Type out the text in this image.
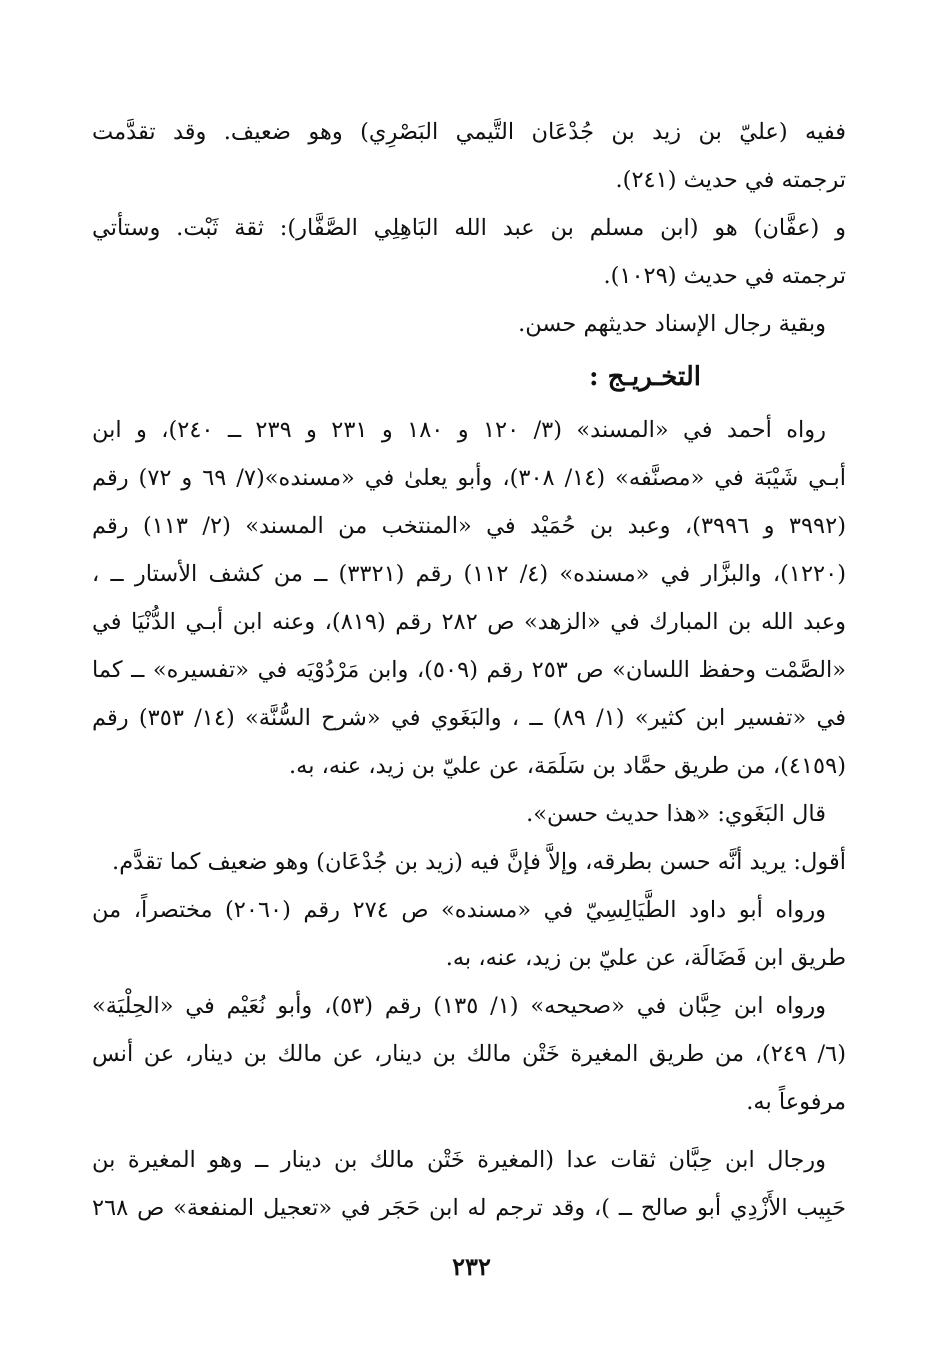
ففيه (عليّ بن زيد بن جُدْعَان التَّيمي البَصْرِي) وهو ضعيف. وقد تقدَّمت
ترجمته في حديث (٢٤١).
و (عفَّان) هو (ابن مسلم بن عبد الله البَاهِلِي الصَّفَّار): ثقة ثَبْت. وستأتي
ترجمته في حديث (١٠٢٩).
وبقية رجال الإسناد حديثهم حسن.
التخـريـج :
رواه أحمد في «المسند» (٣/ ١٢٠ و ١٨٠ و ٢٣١ و ٢٣٩ ــ ٢٤٠)، و ابن
أبـي شَيْبَة في «مصنَّفه» (١٤/ ٣٠٨)، وأبو يعلىٰ في «مسنده»(٧/ ٦٩ و ٧٢) رقم
(٣٩٩٢ و ٣٩٩٦)، وعبد بن حُمَيْد في «المنتخب من المسند» (٢/ ١١٣) رقم
(١٢٢٠)، والبزَّار في «مسنده» (٤/ ١١٢) رقم (٣٣٢١) ــ من كشف الأستار ــ ،
وعبد الله بن المبارك في «الزهد» ص ٢٨٢ رقم (٨١٩)، وعنه ابن أبـي الدُّنْيَا في
«الصَّمْت وحفظ اللسان» ص ٢٥٣ رقم (٥٠٩)، وابن مَرْدُوْيَه في «تفسيره» ــ كما
في «تفسير ابن كثير» (١/ ٨٩) ــ ، والبَغَوي في «شرح السُّنَّة» (١٤/ ٣٥٣) رقم
(٤١٥٩)، من طريق حمَّاد بن سَلَمَة، عن عليّ بن زيد، عنه، به.
قال البَغَوي: «هذا حديث حسن».
أقول: يريد أنَّه حسن بطرقه، وإلاَّ فإنَّ فيه (زيد بن جُدْعَان) وهو ضعيف كما تقدَّم.
ورواه أبو داود الطَّيَالِسِيّ في «مسنده» ص ٢٧٤ رقم (٢٠٦٠) مختصراً، من
طريق ابن فَضَالَة، عن عليّ بن زيد، عنه، به.
ورواه ابن حِبَّان في «صحيحه» (١/ ١٣٥) رقم (٥٣)، وأبو نُعَيْم في «الحِلْيَة»
(٦/ ٢٤٩)، من طريق المغيرة خَتْن مالك بن دينار، عن مالك بن دينار، عن أنس
مرفوعاً به.
ورجال ابن حِبَّان ثقات عدا (المغيرة خَتْن مالك بن دينار ــ وهو المغيرة بن
حَبِيب الأَزْدِي أبو صالح ــ )، وقد ترجم له ابن حَجَر في «تعجيل المنفعة» ص ٢٦٨
٢٣٢
